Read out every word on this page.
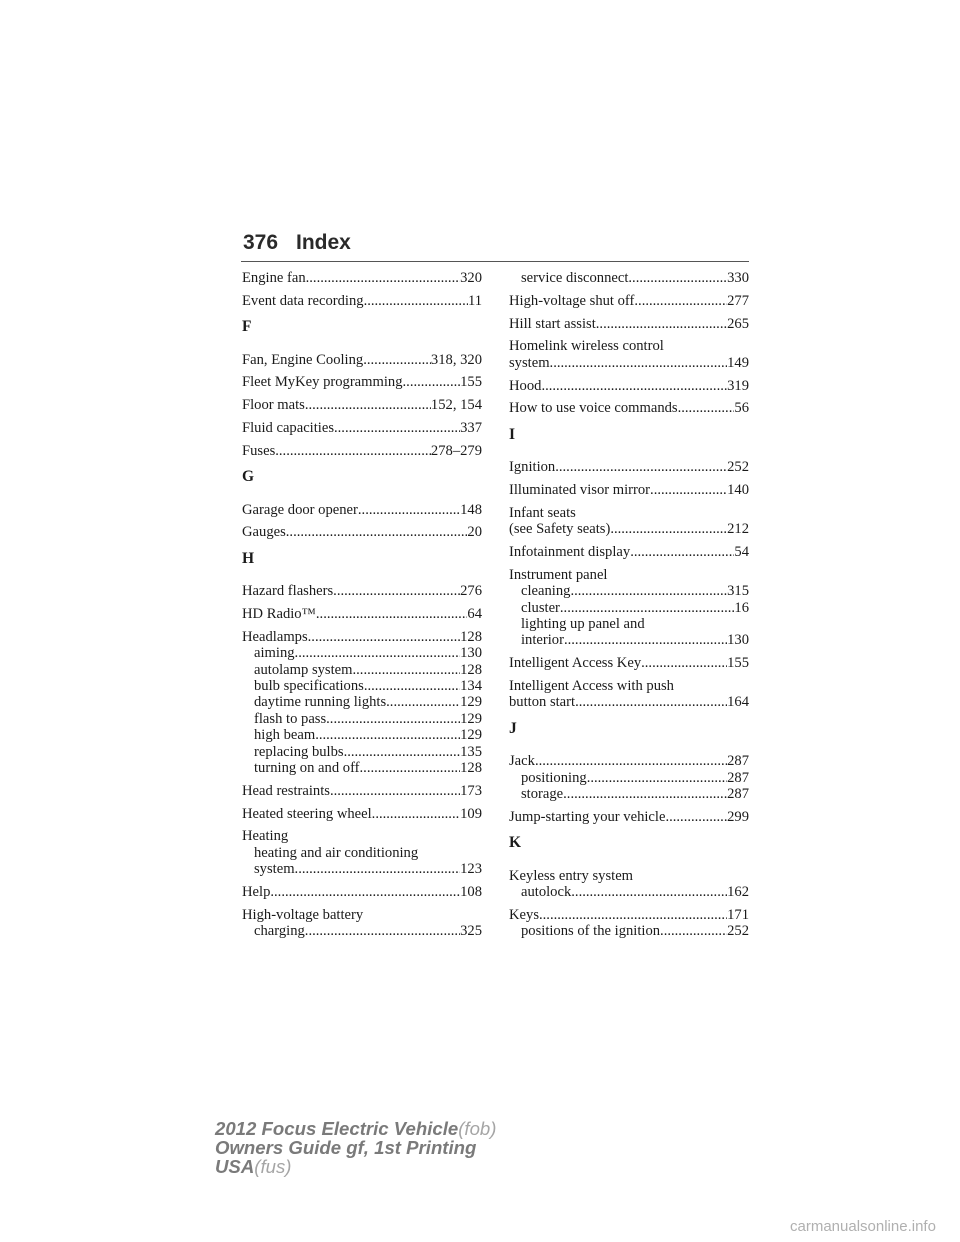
376 Index
Engine fan .....	320
Event data recording .....	11
F
Fan, Engine Cooling .....	318, 320
Fleet MyKey programming .....	155
Floor mats .....	152, 154
Fluid capacities .....	337
Fuses .....	278–279
G
Garage door opener .....	148
Gauges .....	20
H
Hazard flashers .....	276
HD Radio™ .....	64
Headlamps .....	128
aiming .....	130
autolamp system .....	128
bulb specifications .....	134
daytime running lights .....	129
flash to pass .....	129
high beam .....	129
replacing bulbs .....	135
turning on and off .....	128
Head restraints .....	173
Heated steering wheel .....	109
Heating
heating and air conditioning
system .....	123
Help .....	108
High-voltage battery
charging .....	325
service disconnect .....	330
High-voltage shut off .....	277
Hill start assist .....	265
Homelink wireless control
system .....	149
Hood .....	319
How to use voice commands .....	56
I
Ignition .....	252
Illuminated visor mirror .....	140
Infant seats
(see Safety seats) .....	212
Infotainment display .....	54
Instrument panel
cleaning .....	315
cluster .....	16
lighting up panel and
interior .....	130
Intelligent Access Key .....	155
Intelligent Access with push
button start .....	164
J
Jack .....	287
positioning .....	287
storage .....	287
Jump-starting your vehicle .....	299
K
Keyless entry system
autolock .....	162
Keys .....	171
positions of the ignition .....	252
2012 Focus Electric Vehicle(fob)
Owners Guide gf, 1st Printing
USA(fus)
carmanualsonline.info
